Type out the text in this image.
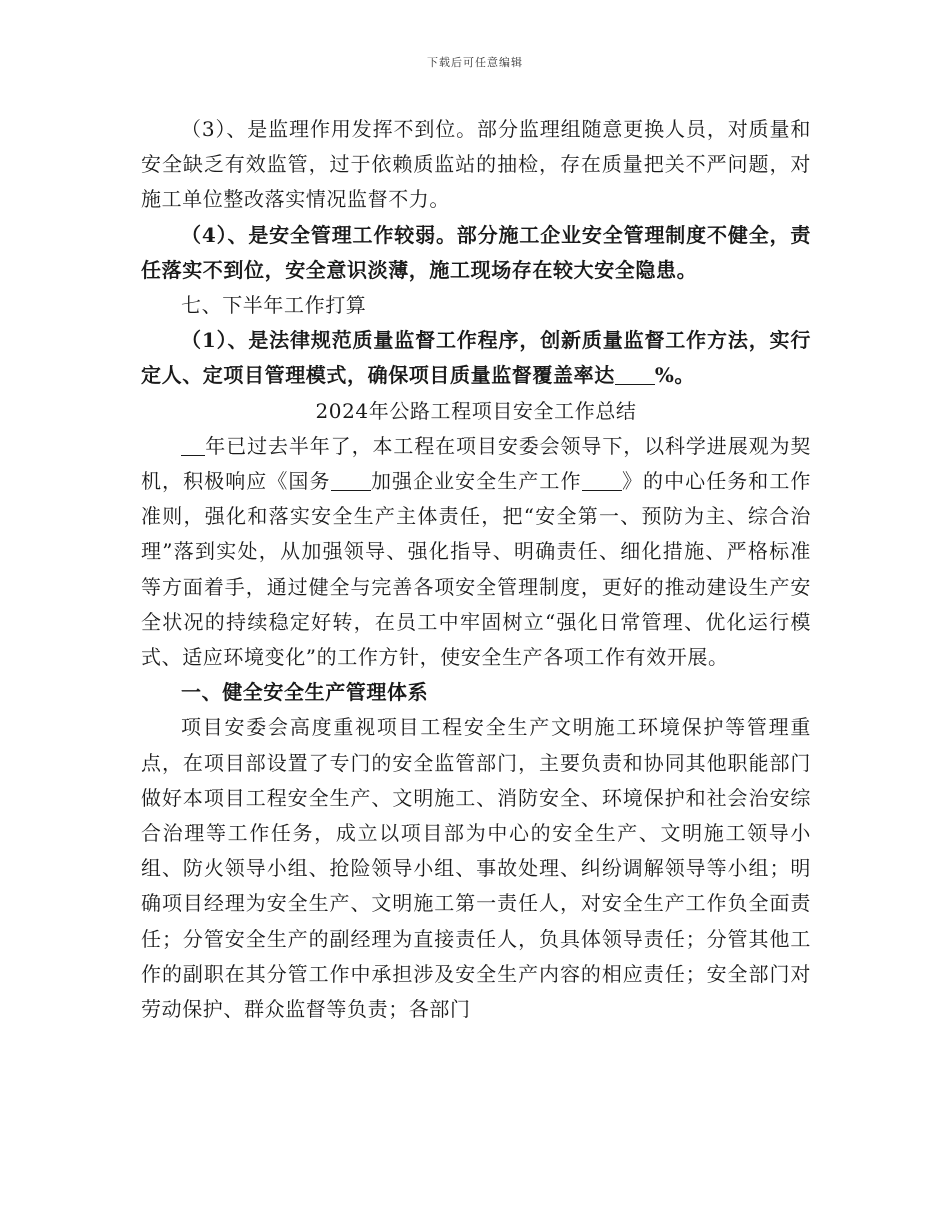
下载后可任意编辑

（3）、是监理作用发挥不到位。部分监理组随意更换人员，对质量和安全缺乏有效监管，过于依赖质监站的抽检，存在质量把关不严问题，对施工单位整改落实情况监督不力。

（4）、是安全管理工作较弱。部分施工企业安全管理制度不健全，责任落实不到位，安全意识淡薄，施工现场存在较大安全隐患。

七、下半年工作打算

（1）、是法律规范质量监督工作程序，创新质量监督工作方法，实行定人、定项目管理模式，确保项目质量监督覆盖率达 %。

2024年公路工程项目安全工作总结

年已过去半年了，本工程在项目安委会领导下，以科学进展观为契机，积极响应《国务 加强企业安全生产工作 》的中心任务和工作准则，强化和落实安全生产主体责任，把“安全第一、预防为主、综合治理”落到实处，从加强领导、强化指导、明确责任、细化措施、严格标准等方面着手，通过健全与完善各项安全管理制度，更好的推动建设生产安全状况的持续稳定好转，在员工中牢固树立“强化日常管理、优化运行模式、适应环境变化”的工作方针，使安全生产各项工作有效开展。

一、健全安全生产管理体系

项目安委会高度重视项目工程安全生产文明施工环境保护等管理重点，在项目部设置了专门的安全监管部门，主要负责和协同其他职能部门做好本项目工程安全生产、文明施工、消防安全、环境保护和社会治安综合治理等工作任务，成立以项目部为中心的安全生产、文明施工领导小组、防火领导小组、抢险领导小组、事故处理、纠纷调解领导等小组；明确项目经理为安全生产、文明施工第一责任人，对安全生产工作负全面责任；分管安全生产的副经理为直接责任人，负具体领导责任；分管其他工作的副职在其分管工作中承担涉及安全生产内容的相应责任；安全部门对劳动保护、群众监督等负责；各部门
